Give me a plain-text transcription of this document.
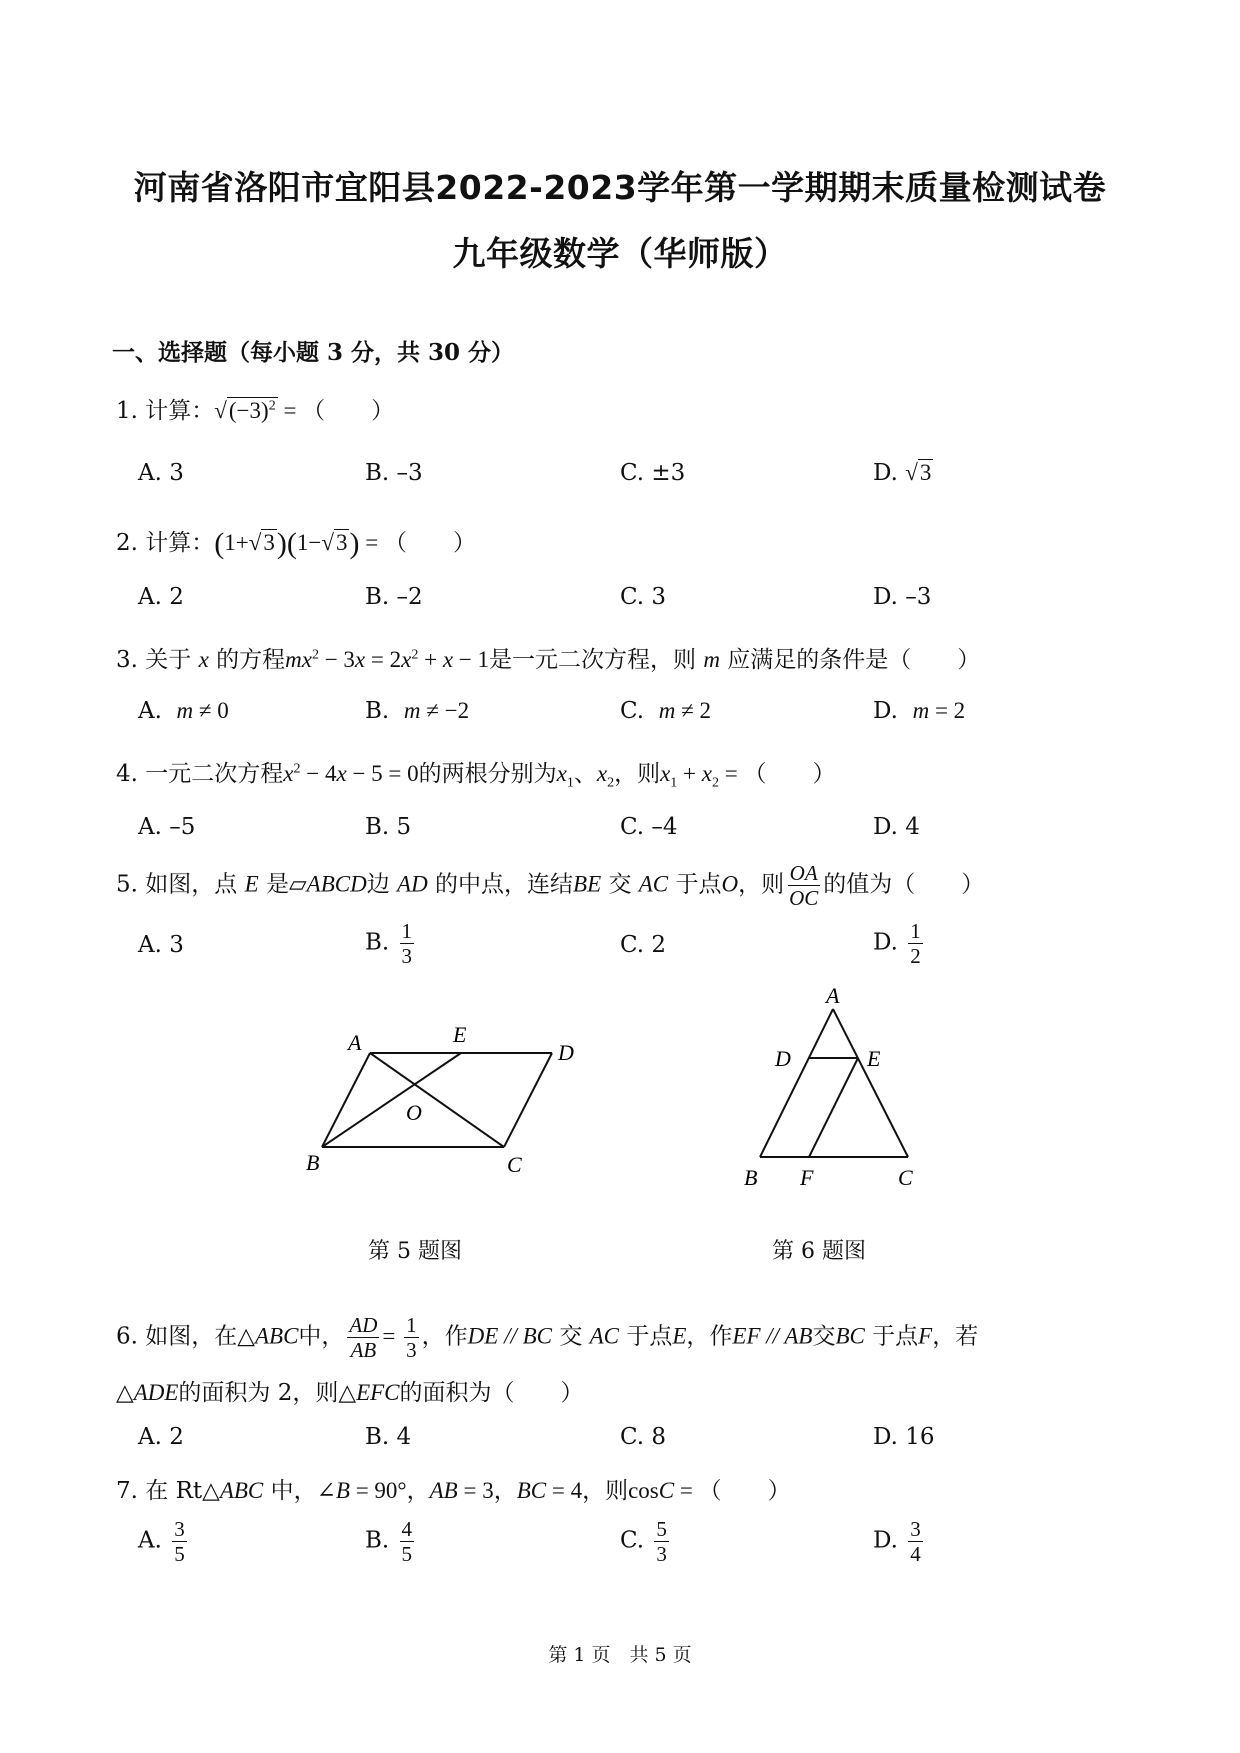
河南省洛阳市宜阳县2022-2023学年第一学期期末质量检测试卷
九年级数学（华师版）
一、选择题（每小题 3 分，共 30 分）
1. 计算：$√(-3)^2$ = （　　）
A. 3	B. –3	C. ±3	D. √3
2. 计算：(1+√3)(1−√3) = （　　）
A. 2	B. –2	C. 3	D. –3
3. 关于 x 的方程$mx^2 - 3x = 2x^2 + x - 1$是一元二次方程，则 m 应满足的条件是（　　）
A. m ≠ 0	B. m ≠ −2	C. m ≠ 2	D. m = 2
4. 一元二次方程$x^2 - 4x - 5 = 0$的两根分别为$x_1$、$x_2$，则$x_1 + x_2$ = （　　）
A. –5	B. 5	C. –4	D. 4
5. 如图，点 E 是▱ABCD边 AD 的中点，连结BE 交 AC 于点O，则 $\frac{OA}{OC}$ 的值为（　　）
A. 3	B. $\frac{1}{3}$	C. 2	D. $\frac{1}{2}$
A	E
D
O
B	C
第 5 题图
A
D	E
B F	C
第 6 题图
6. 如图，在△ABC中， $\frac{AD}{AB} = \frac{1}{3}$ ，作DE // BC 交 AC 于点E，作EF // AB交BC 于点F，若
△ADE的面积为 2，则△EFC的面积为（　　）
A. 2	B. 4	C. 8	D. 16
7. 在 Rt△ABC 中，∠B = 90°，AB = 3，BC = 4，则cosC = （　　）
A. $\frac{3}{5}$	B. $\frac{4}{5}$	C. $\frac{5}{3}$	D. $\frac{3}{4}$
第 1 页　共 5 页
